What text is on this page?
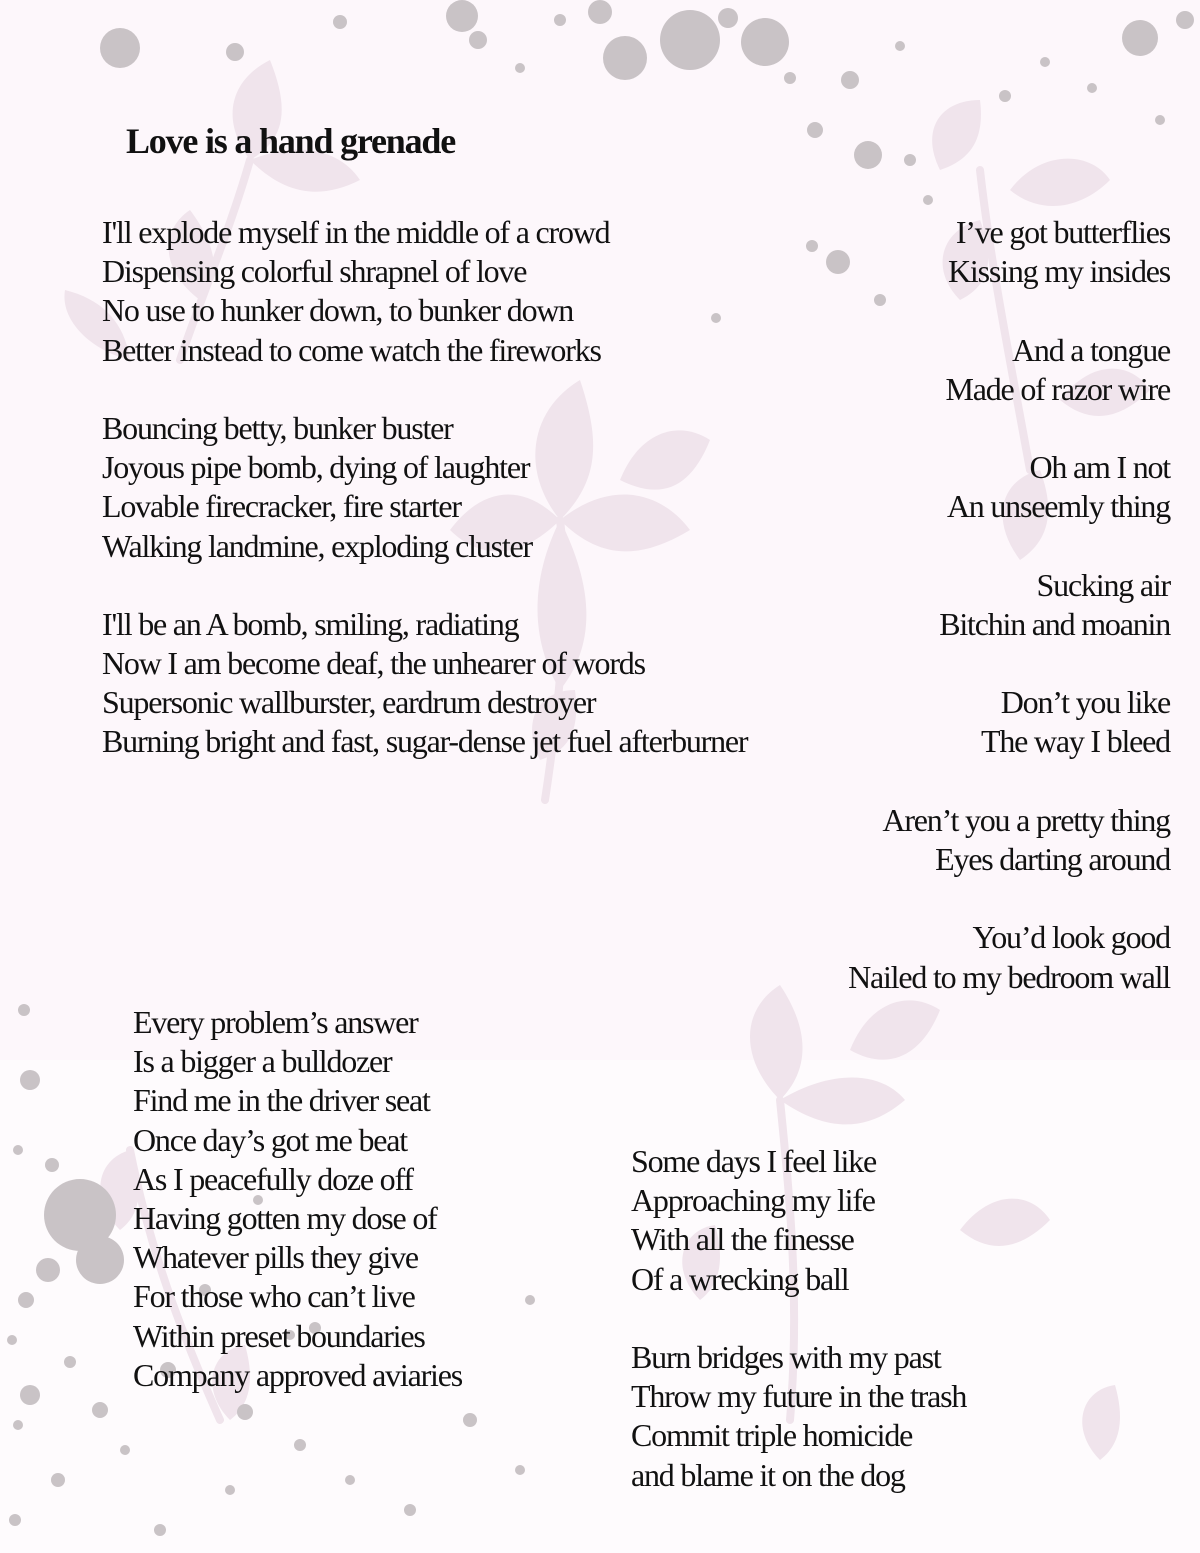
Love is a hand grenade
I'll explode myself in the middle of a crowd
Dispensing colorful shrapnel of love
No use to hunker down, to bunker down
Better instead to come watch the fireworks
Bouncing betty, bunker buster
Joyous pipe bomb, dying of laughter
Lovable firecracker, fire starter
Walking landmine, exploding cluster
I'll be an A bomb, smiling, radiating
Now I am become deaf, the unhearer of words
Supersonic wallburster, eardrum destroyer
Burning bright and fast, sugar-dense jet fuel afterburner
I’ve got butterflies
Kissing my insides
And a tongue
Made of razor wire
Oh am I not
An unseemly thing
Sucking air
Bitchin and moanin
Don’t you like
The way I bleed
Aren’t you a pretty thing
Eyes darting around
You’d look good
Nailed to my bedroom wall
Every problem’s answer
Is a bigger a bulldozer
Find me in the driver seat
Once day’s got me beat
As I peacefully doze off
Having gotten my dose of
Whatever pills they give
For those who can’t live
Within preset boundaries
Company approved aviaries
Some days I feel like
Approaching my life
With all the finesse
Of a wrecking ball
Burn bridges with my past
Throw my future in the trash
Commit triple homicide
and blame it on the dog
